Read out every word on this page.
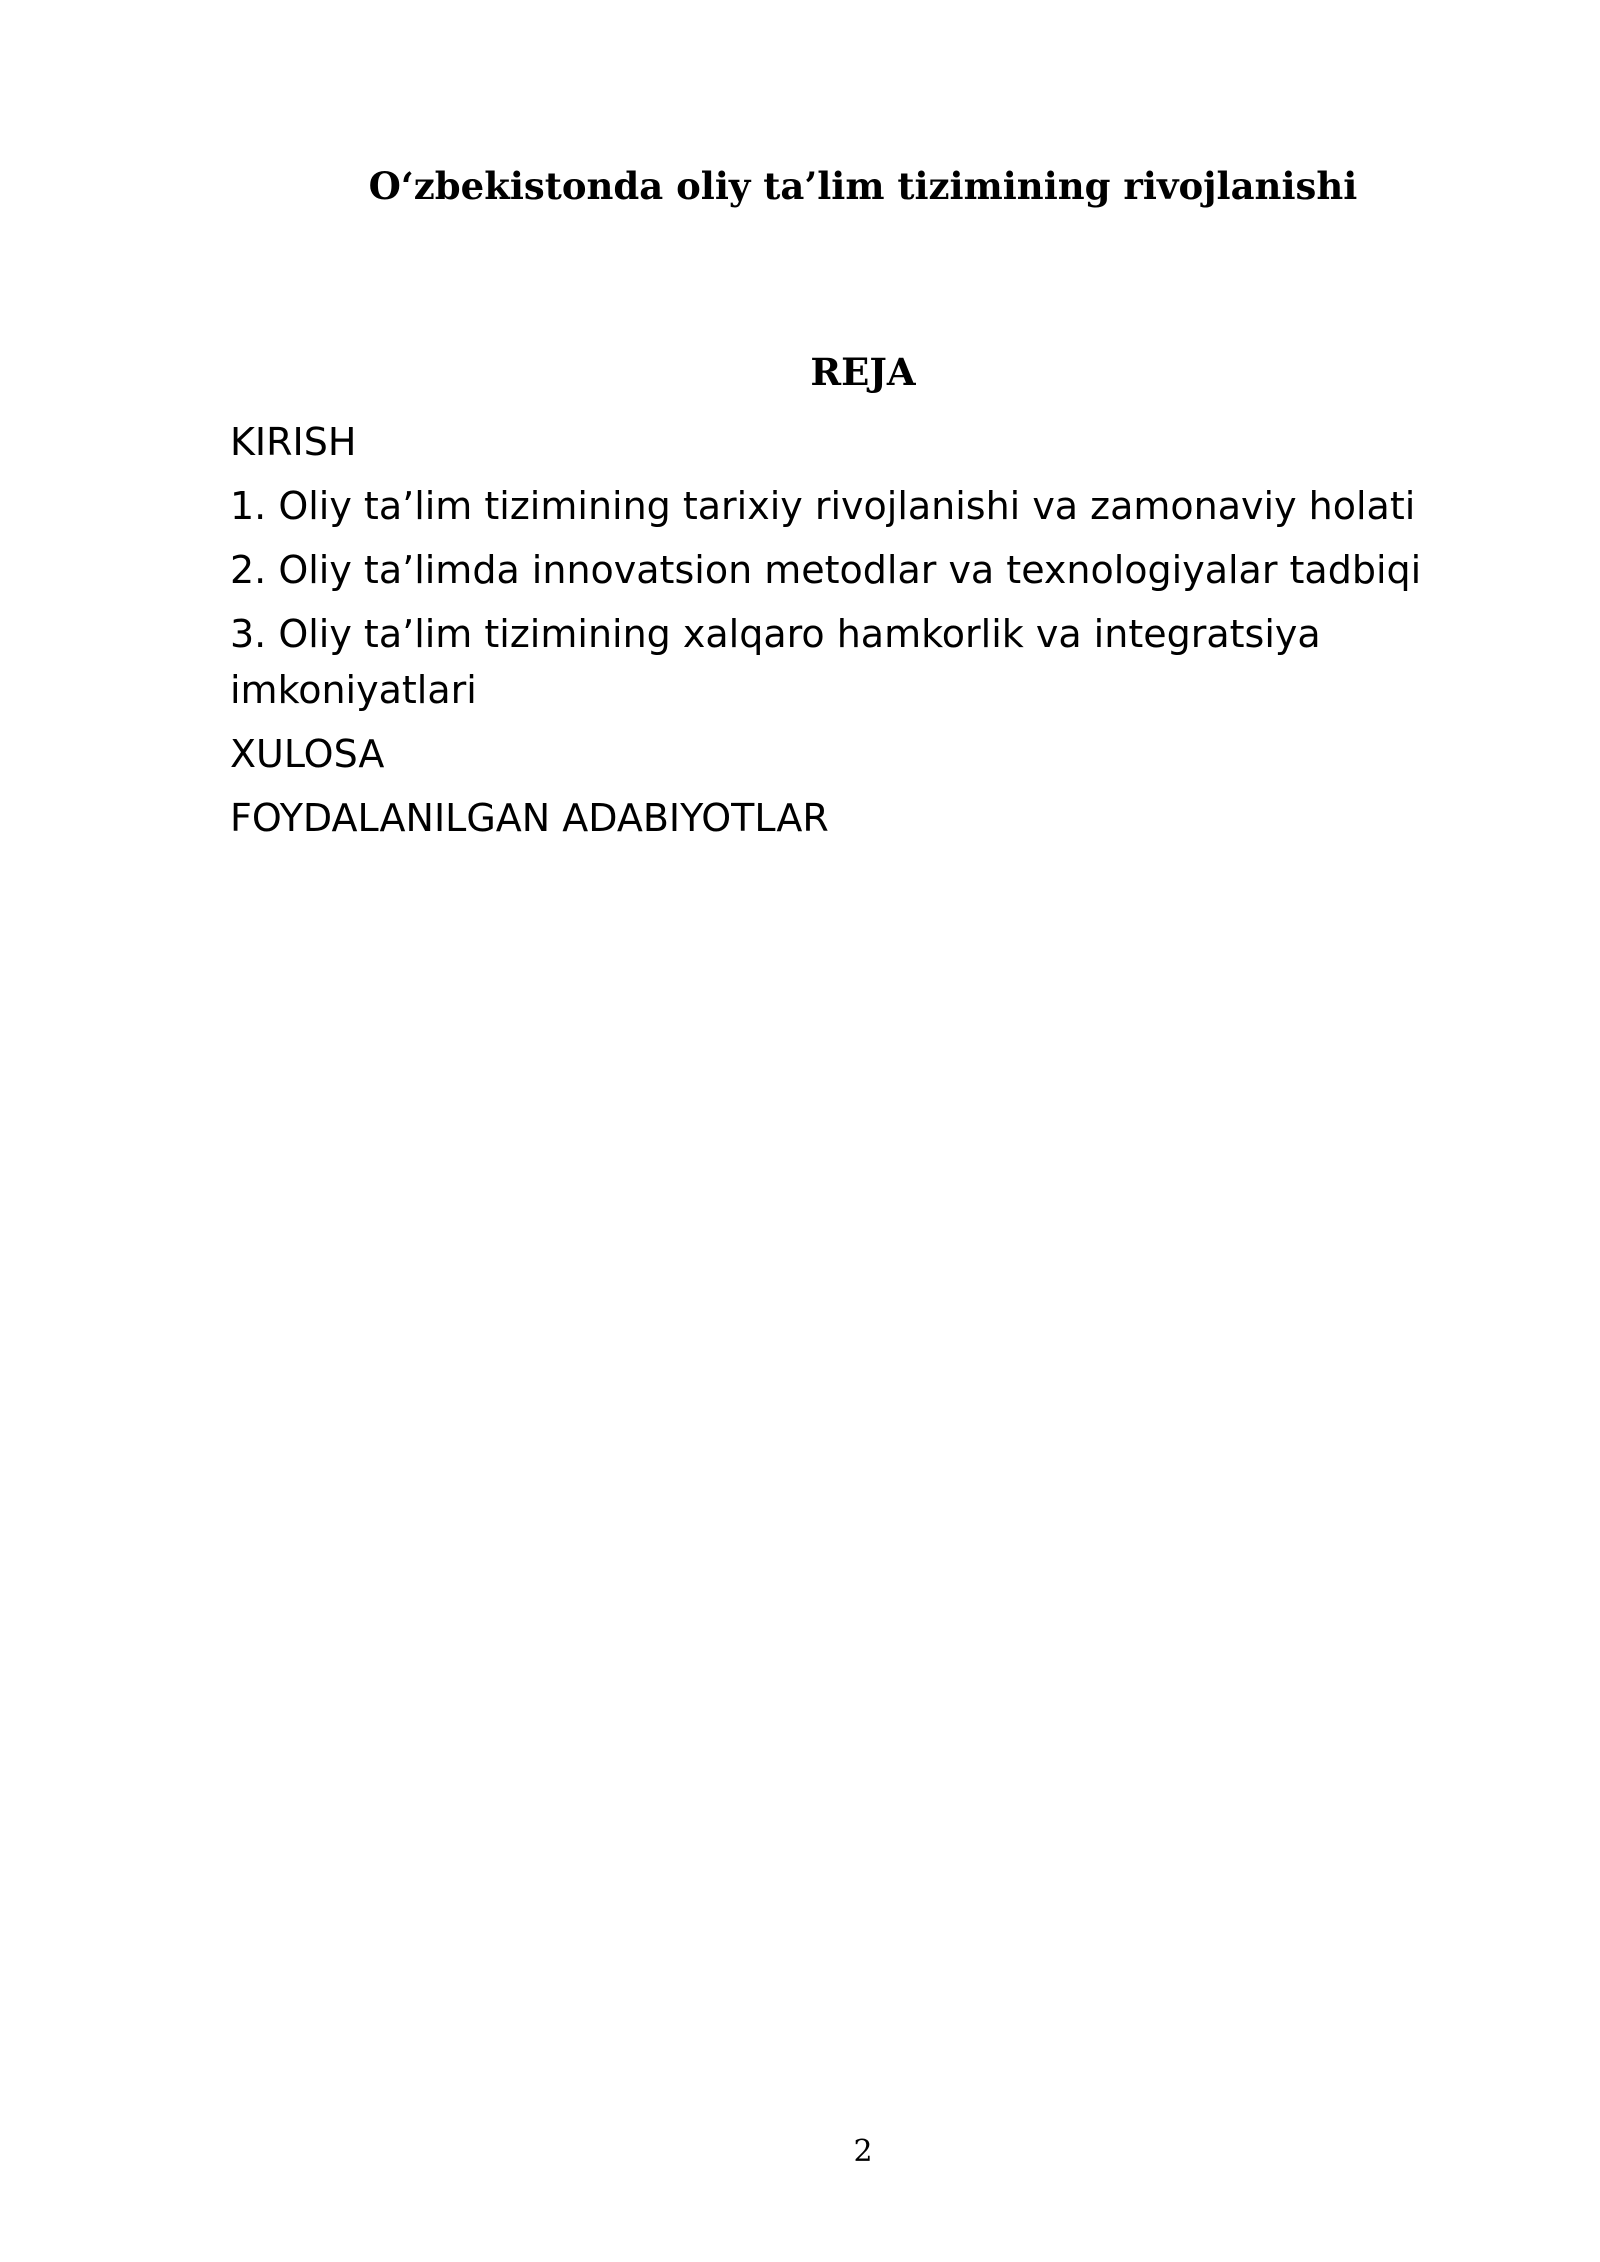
O‘zbekistonda oliy ta’lim tizimining rivojlanishi
REJA
KIRISH
1. Oliy ta’lim tizimining tarixiy rivojlanishi va zamonaviy holati
2. Oliy ta’limda innovatsion metodlar va texnologiyalar tadbiqi
3. Oliy ta’lim tizimining xalqaro hamkorlik va integratsiya imkoniyatlari
XULOSA
FOYDALANILGAN ADABIYOTLAR
2
